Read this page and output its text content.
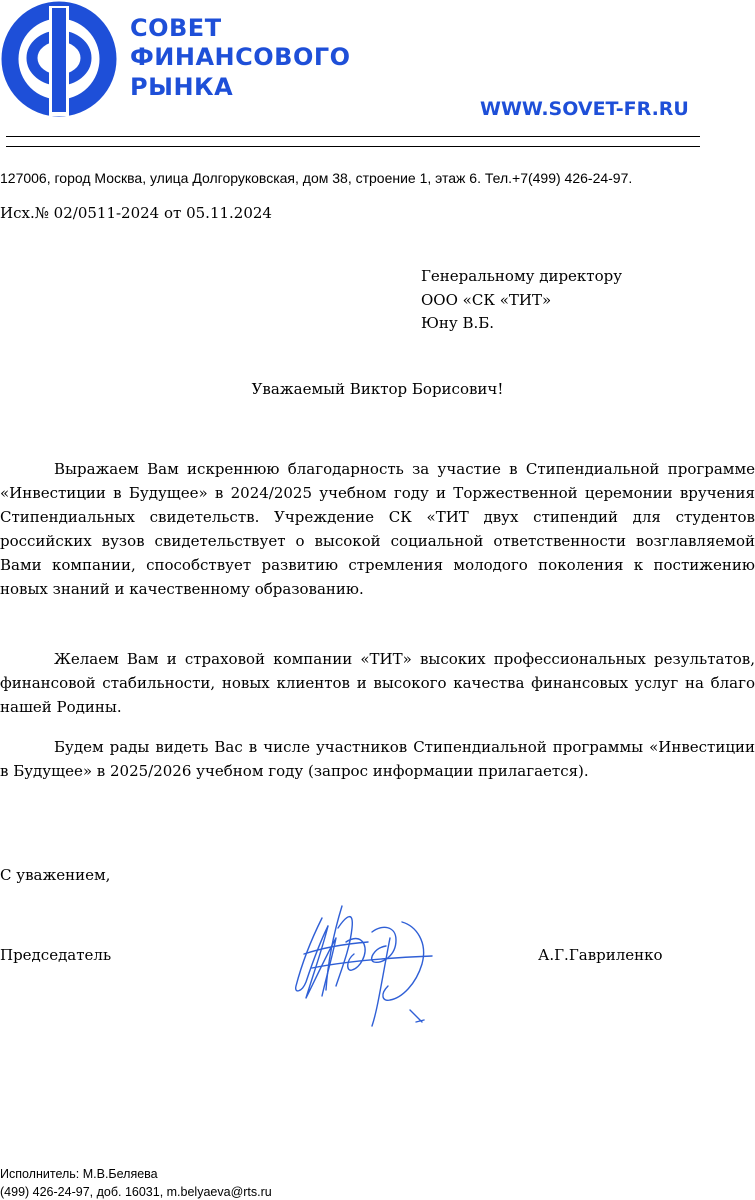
СОВЕТ
ФИНАНСОВОГО
РЫНКА
WWW.SOVET-FR.RU
127006, город Москва, улица Долгоруковская, дом 38, строение 1, этаж 6. Тел.+7(499) 426-24-97.
Исх.№ 02/0511-2024 от 05.11.2024
Генеральному директору
ООО «СК «ТИТ»
Юну В.Б.
Уважаемый Виктор Борисович!
Выражаем Вам искреннюю благодарность за участие в Стипендиальной программе «Инвестиции в Будущее» в 2024/2025 учебном году и Торжественной церемонии вручения Стипендиальных свидетельств. Учреждение СК «ТИТ двух стипендий для студентов российских вузов свидетельствует о высокой социальной ответственности возглавляемой Вами компании, способствует развитию стремления молодого поколения к постижению новых знаний и качественному образованию.
Желаем Вам и страховой компании «ТИТ» высоких профессиональных результатов, финансовой стабильности, новых клиентов и высокого качества финансовых услуг на благо нашей Родины.
Будем рады видеть Вас в числе участников Стипендиальной программы «Инвестиции в Будущее» в 2025/2026 учебном году (запрос информации прилагается).
С уважением,
Председатель	А.Г.Гавриленко
Исполнитель: М.В.Беляева
(499) 426-24-97, доб. 16031, m.belyaeva@rts.ru
